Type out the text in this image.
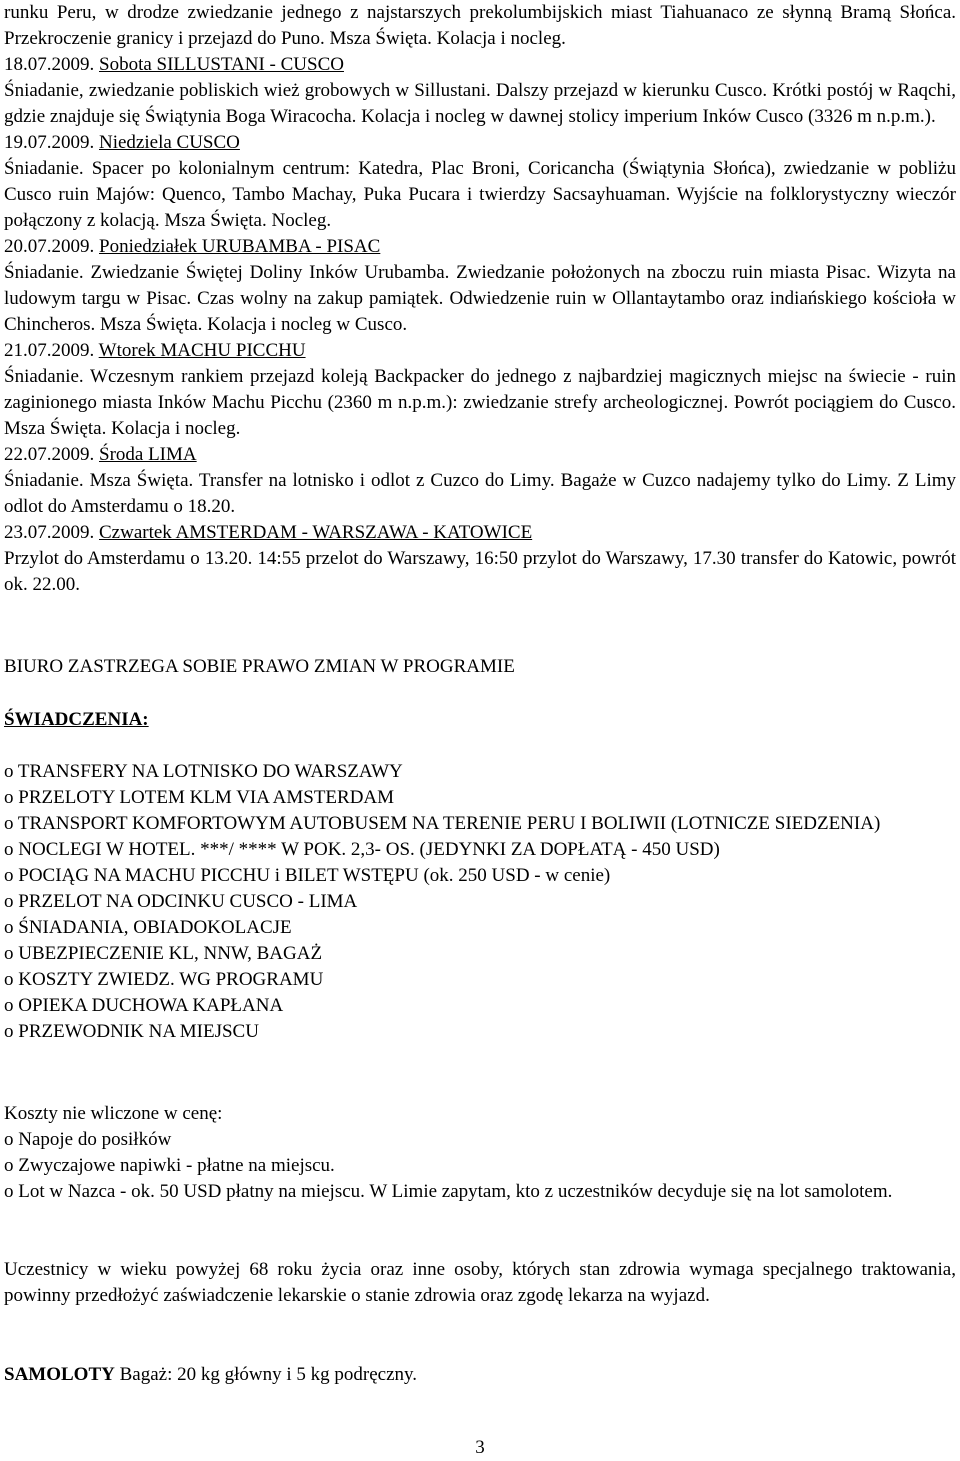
runku Peru, w drodze zwiedzanie jednego z najstarszych prekolumbijskich miast Tiahuanaco ze słynną Bramą Słońca. Przekroczenie granicy i przejazd do Puno. Msza Święta. Kolacja i nocleg.

18.07.2009. Sobota SILLUSTANI - CUSCO

Śniadanie, zwiedzanie pobliskich wież grobowych w Sillustani. Dalszy przejazd w kierunku Cusco. Krótki postój w Raqchi, gdzie znajduje się Świątynia Boga Wiracocha. Kolacja i nocleg w dawnej stolicy imperium Inków Cusco (3326 m n.p.m.).

19.07.2009. Niedziela CUSCO

Śniadanie. Spacer po kolonialnym centrum: Katedra, Plac Broni, Coricancha (Świątynia Słońca), zwiedzanie w pobliżu Cusco ruin Majów: Quenco, Tambo Machay, Puka Pucara i twierdzy Sacsayhuaman. Wyjście na folklorystyczny wieczór połączony z kolacją. Msza Święta. Nocleg.

20.07.2009. Poniedziałek URUBAMBA - PISAC

Śniadanie. Zwiedzanie Świętej Doliny Inków Urubamba. Zwiedzanie położonych na zboczu ruin miasta Pisac. Wizyta na ludowym targu w Pisac. Czas wolny na zakup pamiątek. Odwiedzenie ruin w Ollantaytambo oraz indiańskiego kościoła w Chincheros. Msza Święta. Kolacja i nocleg w Cusco.

21.07.2009. Wtorek MACHU PICCHU

Śniadanie. Wczesnym rankiem przejazd koleją Backpacker do jednego z najbardziej magicznych miejsc na świecie - ruin zaginionego miasta Inków Machu Picchu (2360 m n.p.m.): zwiedzanie strefy archeologicznej. Powrót pociągiem do Cusco. Msza Święta. Kolacja i nocleg.

22.07.2009. Środa LIMA

Śniadanie. Msza Święta. Transfer na lotnisko i odlot z Cuzco do Limy. Bagaże w Cuzco nadajemy tylko do Limy. Z Limy odlot do Amsterdamu o 18.20.

23.07.2009. Czwartek AMSTERDAM - WARSZAWA - KATOWICE

Przylot do Amsterdamu o 13.20. 14:55 przelot do Warszawy, 16:50 przylot do Warszawy, 17.30 transfer do Katowic, powrót ok. 22.00.

BIURO ZASTRZEGA SOBIE PRAWO ZMIAN W PROGRAMIE

ŚWIADCZENIA:

o TRANSFERY NA LOTNISKO DO WARSZAWY

o PRZELOTY LOTEM KLM VIA AMSTERDAM

o TRANSPORT KOMFORTOWYM AUTOBUSEM NA TERENIE PERU I BOLIWII (LOTNICZE SIEDZENIA)

o NOCLEGI W HOTEL. ***/ **** W POK. 2,3- OS. (JEDYNKI ZA DOPŁATĄ - 450 USD)

o POCIĄG NA MACHU PICCHU i BILET WSTĘPU (ok. 250 USD - w cenie)

o PRZELOT NA ODCINKU CUSCO - LIMA

o ŚNIADANIA, OBIADOKOLACJE

o UBEZPIECZENIE KL, NNW, BAGAŻ

o KOSZTY ZWIEDZ. WG PROGRAMU

o OPIEKA DUCHOWA KAPŁANA

o PRZEWODNIK NA MIEJSCU

Koszty nie wliczone w cenę:

o Napoje do posiłków

o Zwyczajowe napiwki - płatne na miejscu.

o Lot w Nazca - ok. 50 USD płatny na miejscu. W Limie zapytam, kto z uczestników decyduje się na lot samolotem.

Uczestnicy w wieku powyżej 68 roku życia oraz inne osoby, których stan zdrowia wymaga specjalnego traktowania, powinny przedłożyć zaświadczenie lekarskie o stanie zdrowia oraz zgodę lekarza na wyjazd.

SAMOLOTY Bagaż: 20 kg główny i 5 kg podręczny.

3
